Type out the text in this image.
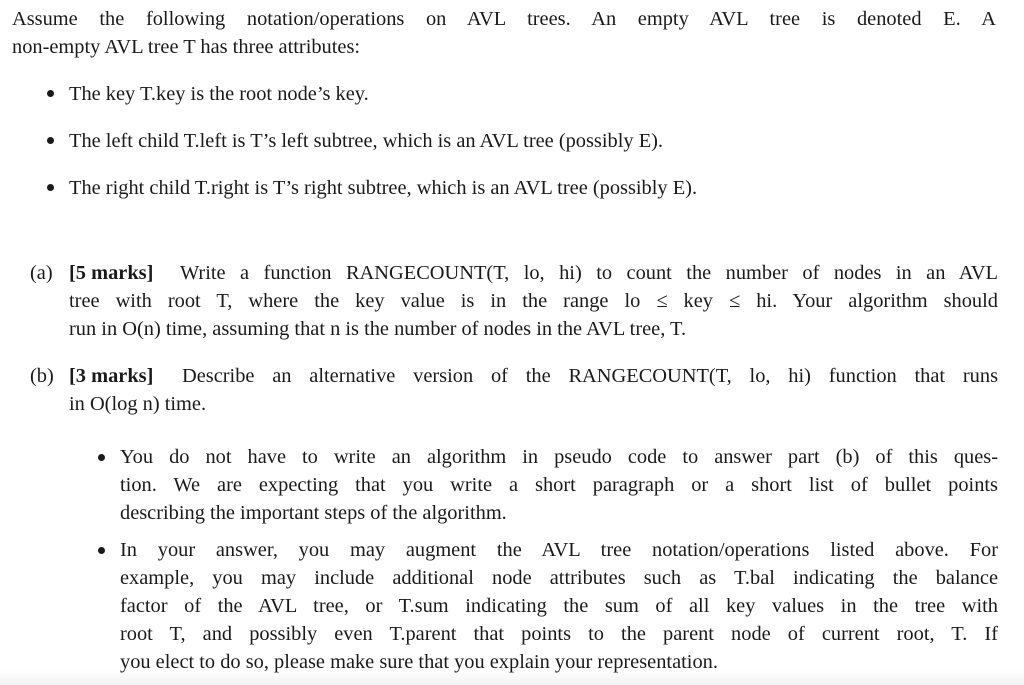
Assume the following notation/operations on AVL trees. An empty AVL tree is denoted E. A
non-empty AVL tree T has three attributes:
The key T.key is the root node’s key.
The left child T.left is T’s left subtree, which is an AVL tree (possibly E).
The right child T.right is T’s right subtree, which is an AVL tree (possibly E).
(a) [5 marks] Write a function RANGECOUNT(T, lo, hi) to count the number of nodes in an AVL
tree with root T, where the key value is in the range lo ≤ key ≤ hi. Your algorithm should
run in O(n) time, assuming that n is the number of nodes in the AVL tree, T.
(b) [3 marks] Describe an alternative version of the RANGECOUNT(T, lo, hi) function that runs
in O(log n) time.
You do not have to write an algorithm in pseudo code to answer part (b) of this ques-
tion. We are expecting that you write a short paragraph or a short list of bullet points
describing the important steps of the algorithm.
In your answer, you may augment the AVL tree notation/operations listed above. For
example, you may include additional node attributes such as T.bal indicating the balance
factor of the AVL tree, or T.sum indicating the sum of all key values in the tree with
root T, and possibly even T.parent that points to the parent node of current root, T. If
you elect to do so, please make sure that you explain your representation.
